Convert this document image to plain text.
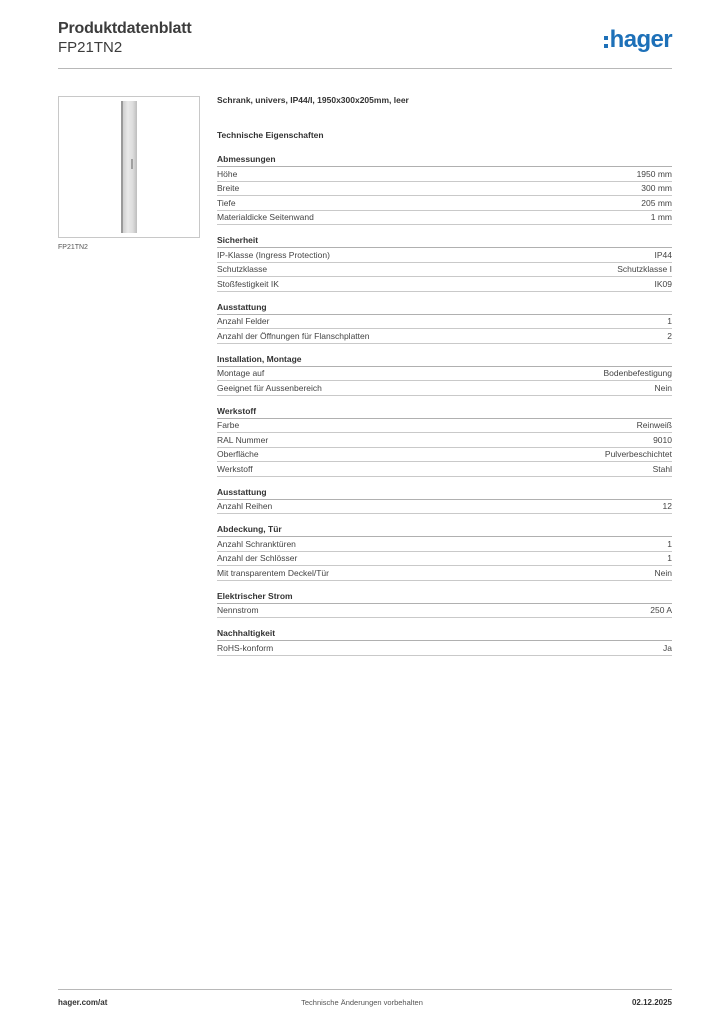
Produktdatenblatt
FP21TN2	hager
FP21TN2
Schrank, univers, IP44/I, 1950x300x205mm, leer
Technische Eigenschaften
Abmessungen
Höhe	1950 mm
Breite	300 mm
Tiefe	205 mm
Materialdicke Seitenwand	1 mm
Sicherheit
IP-Klasse (Ingress Protection)	IP44
Schutzklasse	Schutzklasse I
Stoßfestigkeit IK	IK09
Ausstattung
Anzahl Felder	1
Anzahl der Öffnungen für Flanschplatten	2
Installation, Montage
Montage auf	Bodenbefestigung
Geeignet für Aussenbereich	Nein
Werkstoff
Farbe	Reinweiß
RAL Nummer	9010
Oberfläche	Pulverbeschichtet
Werkstoff	Stahl
Ausstattung
Anzahl Reihen	12
Abdeckung, Tür
Anzahl Schranktüren	1
Anzahl der Schlösser	1
Mit transparentem Deckel/Tür	Nein
Elektrischer Strom
Nennstrom	250 A
Nachhaltigkeit
RoHS-konform	Ja
hager.com/at	Technische Änderungen vorbehalten	02.12.2025
